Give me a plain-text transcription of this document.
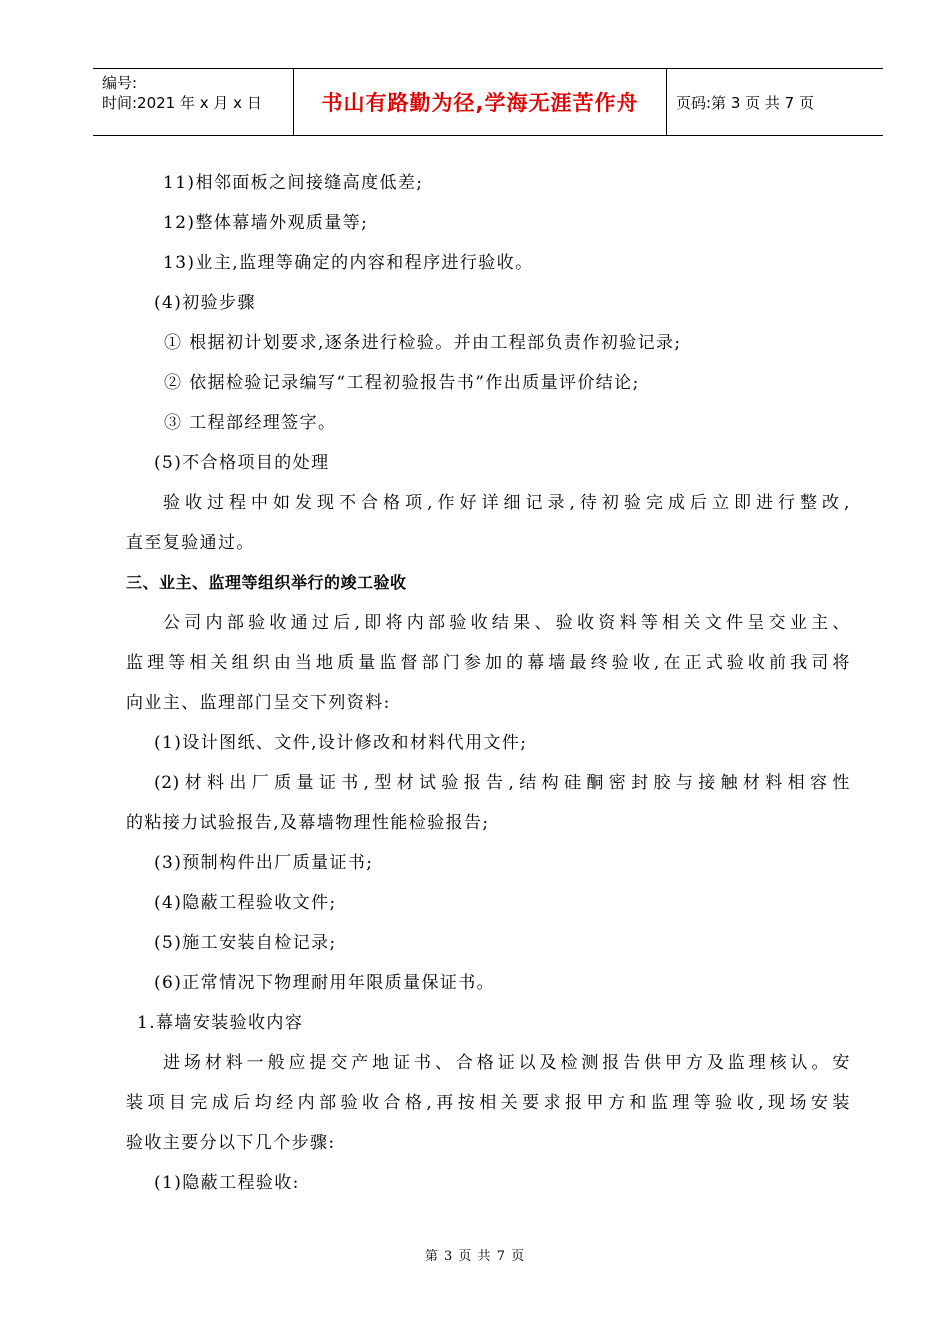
编号:
时间:2021 年 x 月 x 日	书山有路勤为径,学海无涯苦作舟	页码:第 3 页 共 7 页
11)相邻面板之间接缝高度低差;
12)整体幕墙外观质量等;
13)业主,监理等确定的内容和程序进行验收。
(4)初验步骤
① 根据初计划要求,逐条进行检验。并由工程部负责作初验记录;
② 依据检验记录编写“工程初验报告书”作出质量评价结论;
③ 工程部经理签字。
(5)不合格项目的处理
验收过程中如发现不合格项,作好详细记录,待初验完成后立即进行整改,
直至复验通过。
三、业主、监理等组织举行的竣工验收
公司内部验收通过后,即将内部验收结果、验收资料等相关文件呈交业主、
监理等相关组织由当地质量监督部门参加的幕墙最终验收,在正式验收前我司将
向业主、监理部门呈交下列资料:
(1)设计图纸、文件,设计修改和材料代用文件;
(2)材料出厂质量证书,型材试验报告,结构硅酮密封胶与接触材料相容性
的粘接力试验报告,及幕墙物理性能检验报告;
(3)预制构件出厂质量证书;
(4)隐蔽工程验收文件;
(5)施工安装自检记录;
(6)正常情况下物理耐用年限质量保证书。
1.幕墙安装验收内容
进场材料一般应提交产地证书、合格证以及检测报告供甲方及监理核认。安
装项目完成后均经内部验收合格,再按相关要求报甲方和监理等验收,现场安装
验收主要分以下几个步骤:
(1)隐蔽工程验收:
第 3 页 共 7 页
